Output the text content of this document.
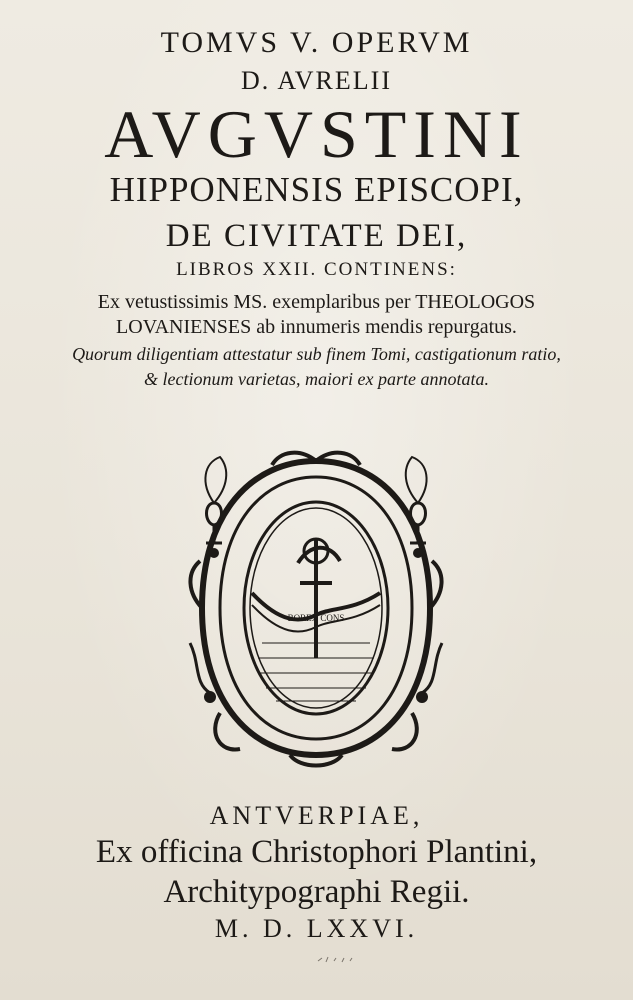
TOMVS V. OPERVM
D. AVRELII
AVGVSTINI
HIPPONENSIS EPISCOPI,
DE CIVITATE DEI,
LIBROS XXII. CONTINENS:
Ex vetustissimis MS. exemplaribus per THEOLOGOS
LOVANIENSES ab innumeris mendis repurgatus.
Quorum diligentiam attestatur sub finem Tomi, castigationum ratio,
& lectionum varietas, maiori ex parte annotata.
BOREX CONS
ANTVERPIAE,
Ex officina Christophori Plantini,
Architypographi Regii.
M. D. LXXVI.
